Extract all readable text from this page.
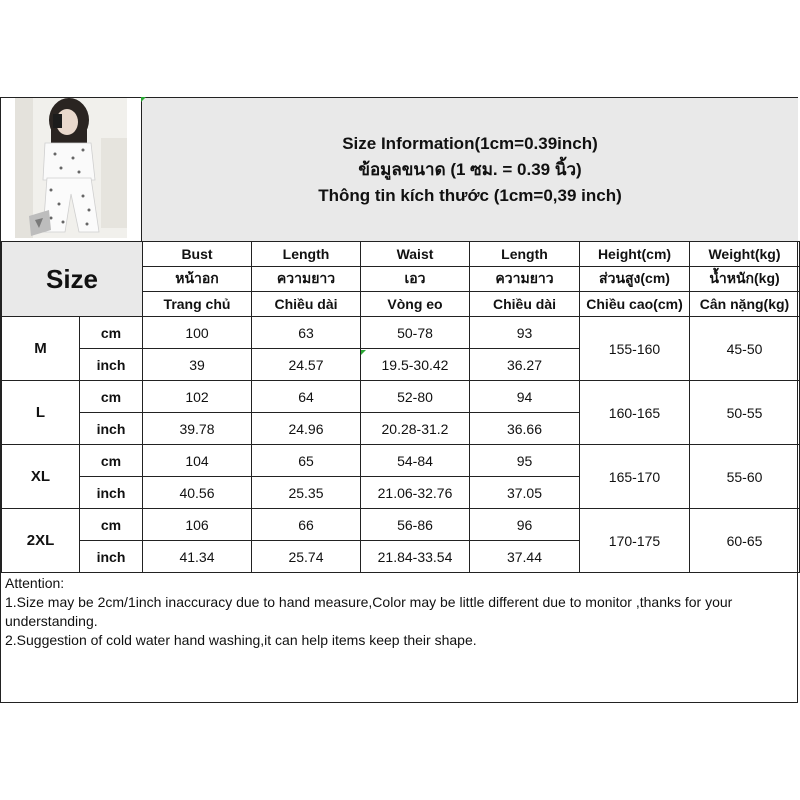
Size Information(1cm=0.39inch)
ข้อมูลขนาด (1 ซม. = 0.39 นิ้ว)
Thông tin kích thước (1cm=0,39 inch)
Size		Bust	Length	Waist	Length	Height(cm)	Weight(kg)
		หน้าอก	ความยาว	เอว	ความยาว	ส่วนสูง(cm)	น้ำหนัก(kg)
		Trang chủ	Chiều dài	Vòng eo	Chiều dài	Chiều cao(cm)	Cân nặng(kg)
M	cm	100	63	50-78	93	155-160	45-50
	inch	39	24.57	19.5-30.42	36.27		
L	cm	102	64	52-80	94	160-165	50-55
	inch	39.78	24.96	20.28-31.2	36.66		
XL	cm	104	65	54-84	95	165-170	55-60
	inch	40.56	25.35	21.06-32.76	37.05		
2XL	cm	106	66	56-86	96	170-175	60-65
	inch	41.34	25.74	21.84-33.54	37.44		
Attention:
1.Size may be 2cm/1inch inaccuracy due to hand measure,Color may be little different due to monitor ,thanks for your understanding.
2.Suggestion of cold water hand washing,it can help items keep their shape.
